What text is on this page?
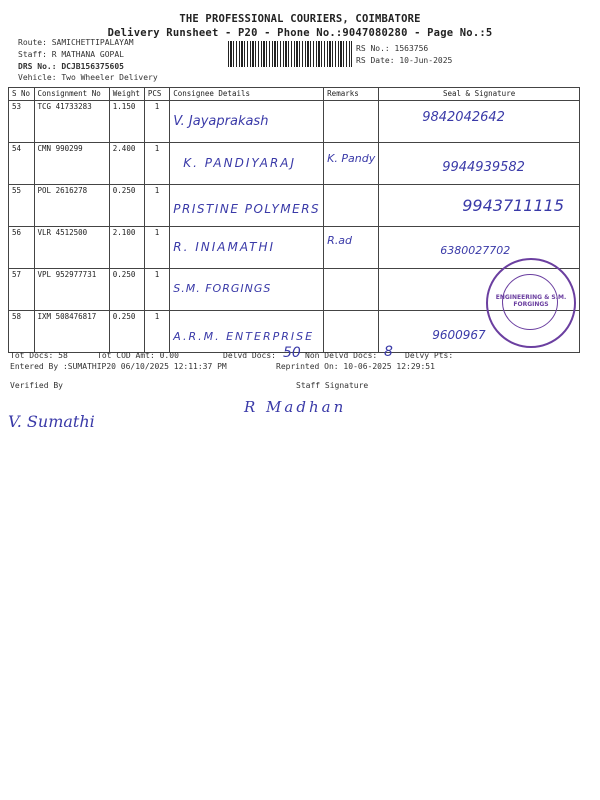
THE PROFESSIONAL COURIERS, COIMBATORE
Delivery Runsheet - P20 - Phone No.:9047080280 - Page No.:5
Route: SAMICHETTIPALAYAM
Staff: R MATHANA GOPAL
DRS No.: DCJB156375605
Vehicle: Two Wheeler Delivery
RS No.: 1563756
RS Date: 10-Jun-2025
S No	Consignment No	Weight	PCS	Consignee Details	Remarks	Seal & Signature
53	TCG 41733283	1.150	1	V. Jayaprakash		9842042642

54	CMN 990299	2.400	1	K. PANDIYARAJ	K. Pandy	9944939582

55	POL 2616278	0.250	1	PRISTINE POLYMERS		9943711115

56	VLR 4512500	2.100	1	R. INIAMATHI	R.ad	6380027702

57	VPL 952977731	0.250	1	S.M. FORGINGS		

58	IXM 508476817	0.250	1	A.R.M. ENTERPRISE		9600967
ENGINEERING & S.M. FORGINGS
Tot Docs: 58	Tot COD Amt: 0.00	Delvd Docs: 50 Non Delvd Docs: 8 Delvy Pts:
Entered By :SUMATHIP20 06/10/2025 12:11:37 PM	Reprinted On: 10-06-2025 12:29:51
Verified By	Staff Signature
V. Sumathi
R Madhan
